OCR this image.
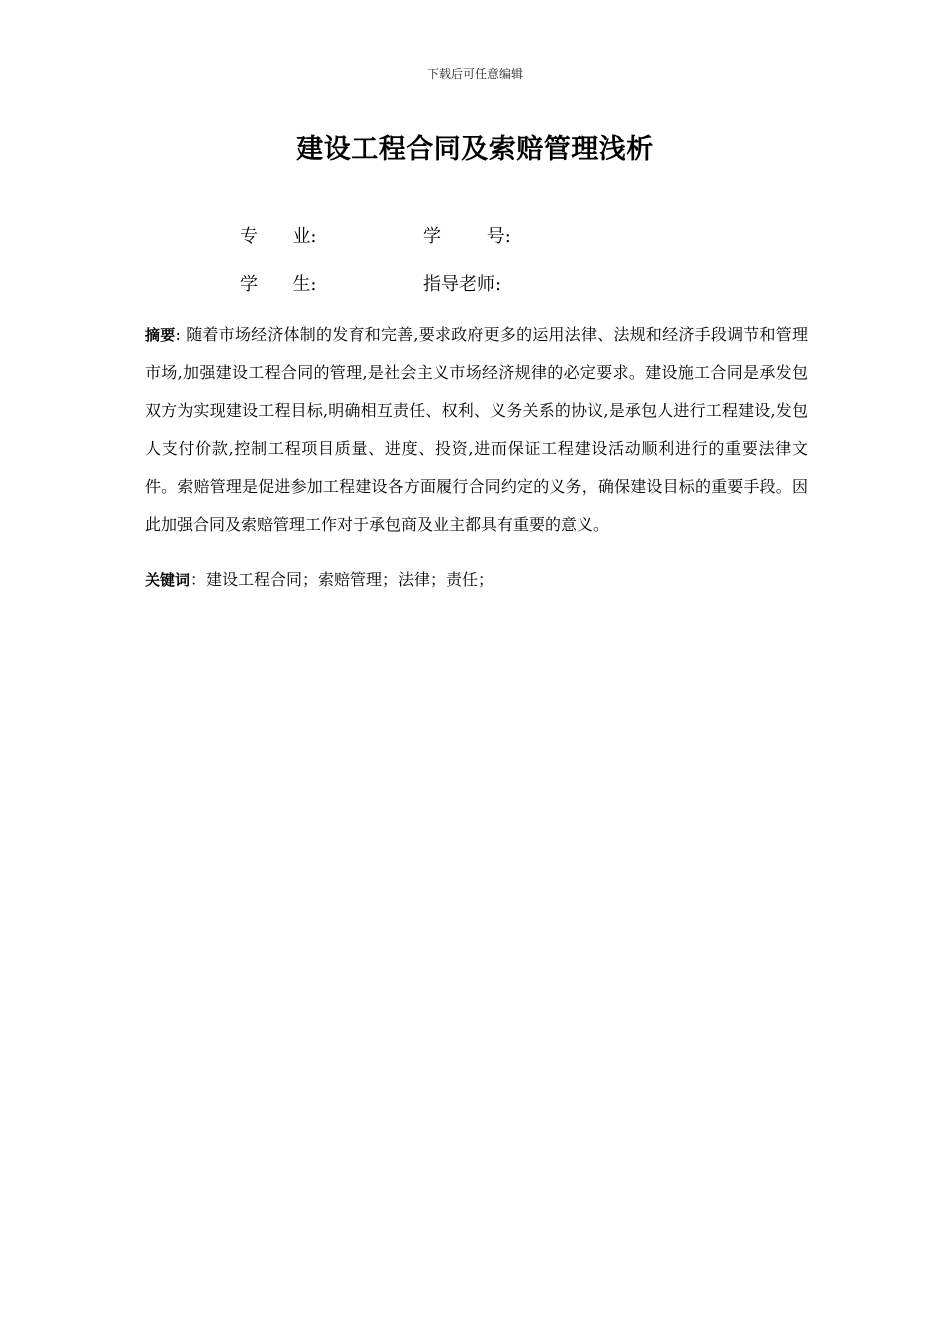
下载后可任意编辑
建设工程合同及索赔管理浅析
专      业:	学        号:
学      生:	指导老师:
摘要: 随着市场经济体制的发育和完善,要求政府更多的运用法律、法规和经济手段调节和管理市场,加强建设工程合同的管理,是社会主义市场经济规律的必定要求。建设施工合同是承发包双方为实现建设工程目标,明确相互责任、权利、义务关系的协议,是承包人进行工程建设,发包人支付价款,控制工程项目质量、进度、投资,进而保证工程建设活动顺利进行的重要法律文件。索赔管理是促进参加工程建设各方面履行合同约定的义务，确保建设目标的重要手段。因此加强合同及索赔管理工作对于承包商及业主都具有重要的意义。
关键词：建设工程合同；索赔管理；法律；责任；
